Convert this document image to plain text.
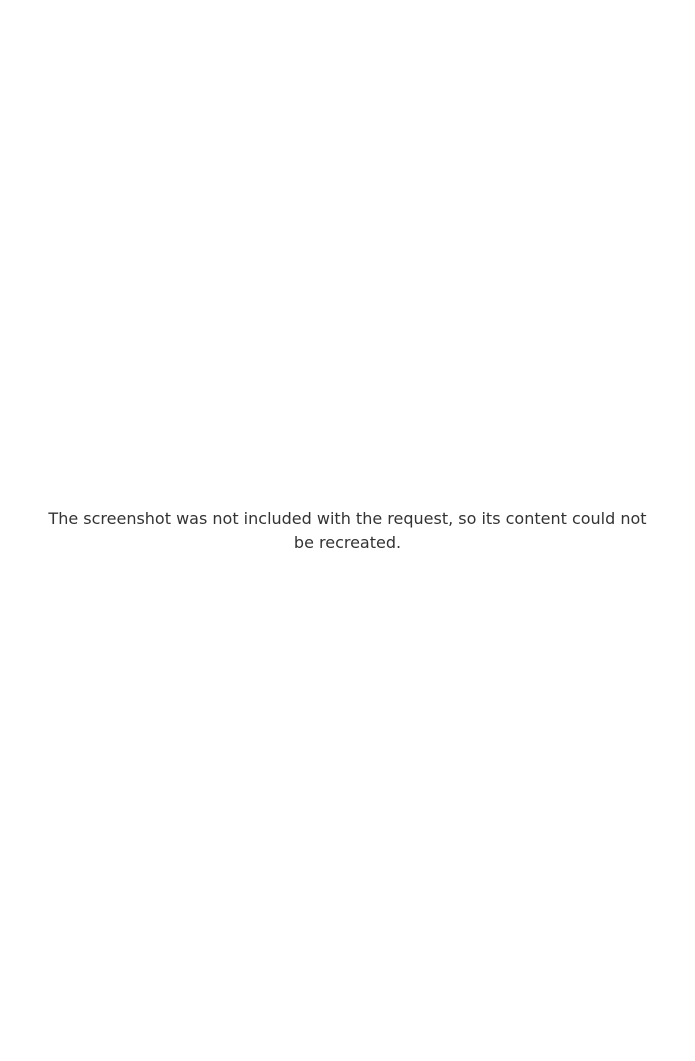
The screenshot was not included with the request, so its content could not be recreated.
